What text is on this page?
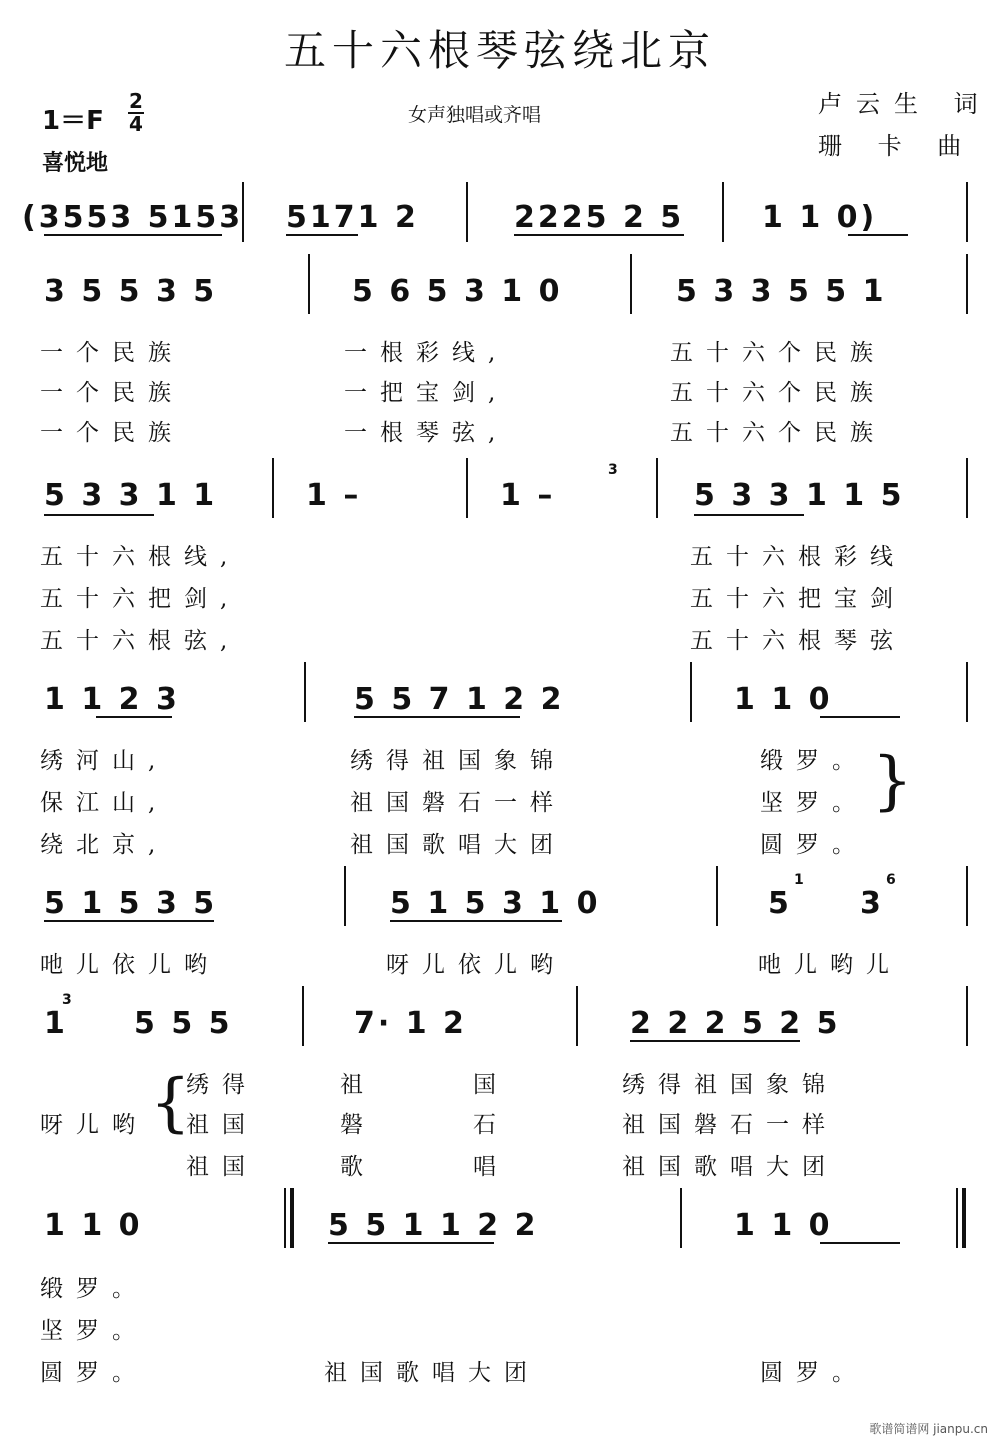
五十六根琴弦绕北京
1＝F
2
4
喜悦地
女声独唱或齐唱	卢云生 词
珊 卡 曲
(3553 5153 5171 2	2225 2 5	1 1 0)
3 5 5 3 5	5 6 5 3 1 0	5 3 3 5 5 1
一个民族	一根彩线,	五十六个民族
一个民族	一把宝剑,	五十六个民族
一个民族	一根琴弦,	五十六个民族
5 3 3 1 1	1 –	1 –	5 3 3 1 1 5
3
五十六根线,	五十六根彩线
五十六把剑,	五十六把宝剑
五十六根弦,	五十六根琴弦
1 1 2 3	5 5 7 1 2 2	1 1 0
绣河山,	绣得祖国象锦	缎罗。
保江山,	祖国磐石一样	坚罗。
绕北京,	祖国歌唱大团	圆罗。
}
5 1 5 3 5	5 1 5 3 1 0	5
1
3
6
吔儿依儿哟	呀儿依儿哟	吔儿哟儿
1
3
5 5 5	7· 1 2	2 2 2 5 2 5
呀儿哟 {
绣得	祖国 绣得祖国象锦
祖国	磐石 祖国磐石一样
祖国	歌唱 祖国歌唱大团
1 1 0	5 5 1 1 2 2	1 1 0
缎罗。
坚罗。
圆罗。	祖国歌唱大团	圆罗。
歌谱简谱网 jianpu.cn
